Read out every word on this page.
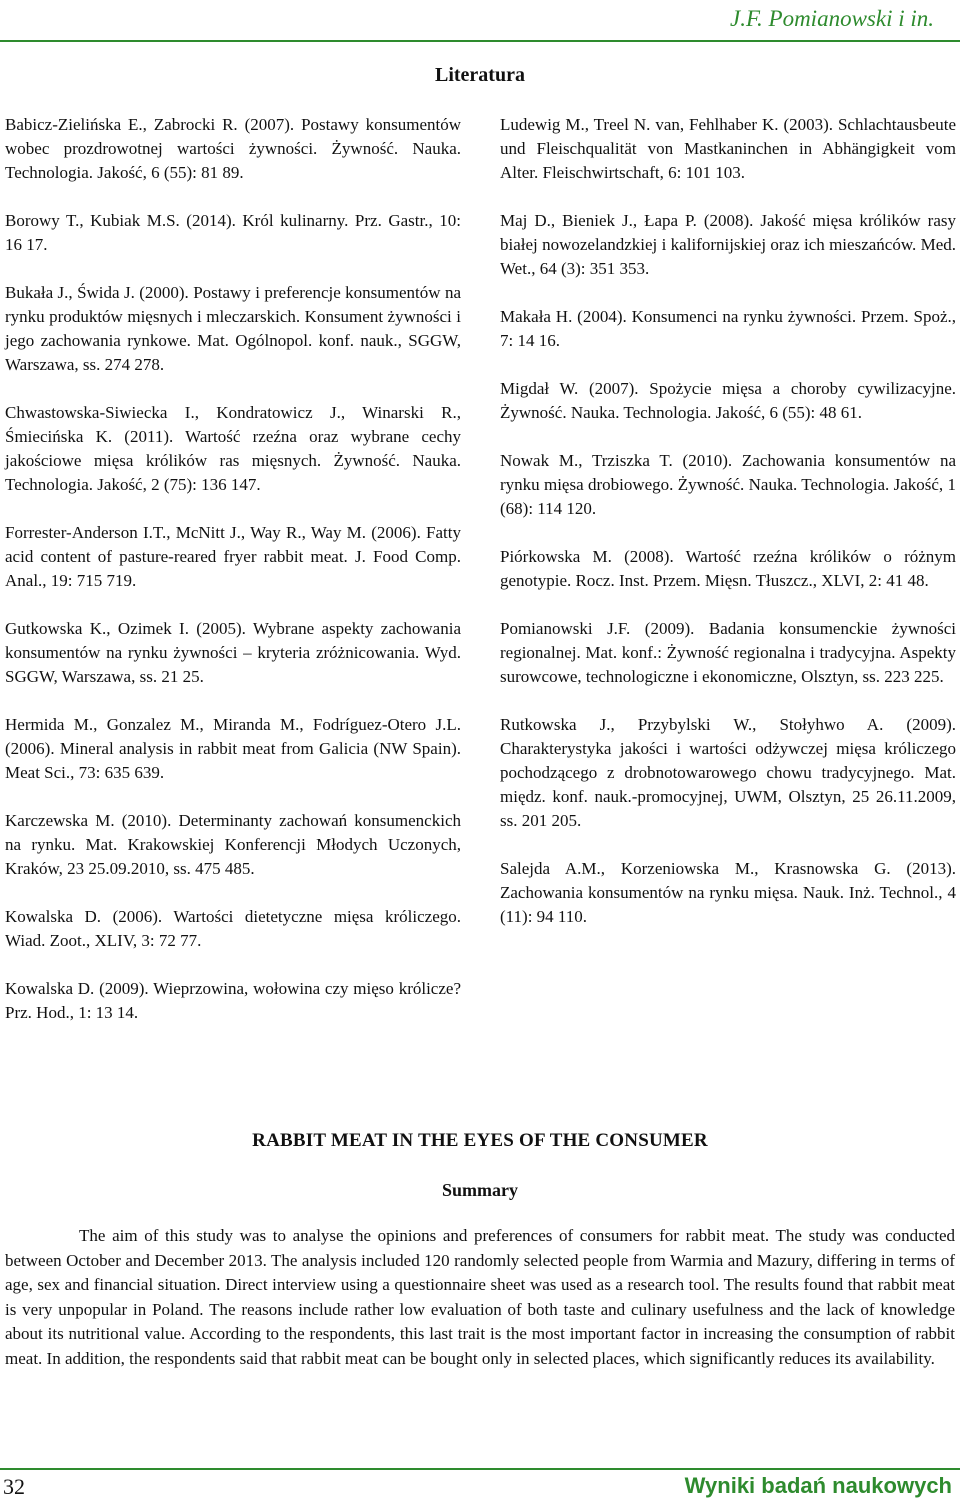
J.F. Pomianowski i in.
Literatura

Babicz-Zielińska E., Zabrocki R. (2007). Postawy konsumentów wobec prozdrowotnej wartości żywności. Żywność. Nauka. Technologia. Jakość, 6 (55): 81 89.

Borowy T., Kubiak M.S. (2014). Król kulinarny. Prz. Gastr., 10: 16 17.

Bukała J., Świda J. (2000). Postawy i preferencje konsumentów na rynku produktów mięsnych i mleczarskich. Konsument żywności i jego zachowania rynkowe. Mat. Ogólnopol. konf. nauk., SGGW, Warszawa, ss. 274 278.

Chwastowska-Siwiecka I., Kondratowicz J., Winarski R., Śmiecińska K. (2011). Wartość rzeźna oraz wybrane cechy jakościowe mięsa królików ras mięsnych. Żywność. Nauka. Technologia. Jakość, 2 (75): 136 147.

Forrester-Anderson I.T., McNitt J., Way R., Way M. (2006). Fatty acid content of pasture-reared fryer rabbit meat. J. Food Comp. Anal., 19: 715 719.

Gutkowska K., Ozimek I. (2005). Wybrane aspekty zachowania konsumentów na rynku żywności – kryteria zróżnicowania. Wyd. SGGW, Warszawa, ss. 21 25.

Hermida M., Gonzalez M., Miranda M., Fodríguez-Otero J.L. (2006). Mineral analysis in rabbit meat from Galicia (NW Spain). Meat Sci., 73: 635 639.

Karczewska M. (2010). Determinanty zachowań konsumenckich na rynku. Mat. Krakowskiej Konferencji Młodych Uczonych, Kraków, 23 25.09.2010, ss. 475 485.

Kowalska D. (2006). Wartości dietetyczne mięsa króliczego. Wiad. Zoot., XLIV, 3: 72 77.

Kowalska D. (2009). Wieprzowina, wołowina czy mięso królicze? Prz. Hod., 1: 13 14.

Ludewig M., Treel N. van, Fehlhaber K. (2003). Schlachtausbeute und Fleischqualität von Mastkaninchen in Abhängigkeit vom Alter. Fleischwirtschaft, 6: 101 103.

Maj D., Bieniek J., Łapa P. (2008). Jakość mięsa królików rasy białej nowozelandzkiej i kalifornijskiej oraz ich mieszańców. Med. Wet., 64 (3): 351 353.

Makała H. (2004). Konsumenci na rynku żywności. Przem. Spoż., 7: 14 16.

Migdał W. (2007). Spożycie mięsa a choroby cywilizacyjne. Żywność. Nauka. Technologia. Jakość, 6 (55): 48 61.

Nowak M., Trziszka T. (2010). Zachowania konsumentów na rynku mięsa drobiowego. Żywność. Nauka. Technologia. Jakość, 1 (68): 114 120.

Piórkowska M. (2008). Wartość rzeźna królików o różnym genotypie. Rocz. Inst. Przem. Mięsn. Tłuszcz., XLVI, 2: 41 48.

Pomianowski J.F. (2009). Badania konsumenckie żywności regionalnej. Mat. konf.: Żywność regionalna i tradycyjna. Aspekty surowcowe, technologiczne i ekonomiczne, Olsztyn, ss. 223 225.

Rutkowska J., Przybylski W., Stołyhwo A. (2009). Charakterystyka jakości i wartości odżywczej mięsa króliczego pochodzącego z drobnotowarowego chowu tradycyjnego. Mat. międz. konf. nauk.-promocyjnej, UWM, Olsztyn, 25 26.11.2009, ss. 201 205.

Salejda A.M., Korzeniowska M., Krasnowska G. (2013). Zachowania konsumentów na rynku mięsa. Nauk. Inż. Technol., 4 (11): 94 110.

RABBIT MEAT IN THE EYES OF THE CONSUMER
Summary

The aim of this study was to analyse the opinions and preferences of consumers for rabbit meat. The study was conducted between October and December 2013. The analysis included 120 randomly selected people from Warmia and Mazury, differing in terms of age, sex and financial situation. Direct interview using a questionnaire sheet was used as a research tool. The results found that rabbit meat is very unpopular in Poland. The reasons include rather low evaluation of both taste and culinary usefulness and the lack of knowledge about its nutritional value. According to the respondents, this last trait is the most important factor in increasing the consumption of rabbit meat. In addition, the respondents said that rabbit meat can be bought only in selected places, which significantly reduces its availability.

32	Wyniki badań naukowych
